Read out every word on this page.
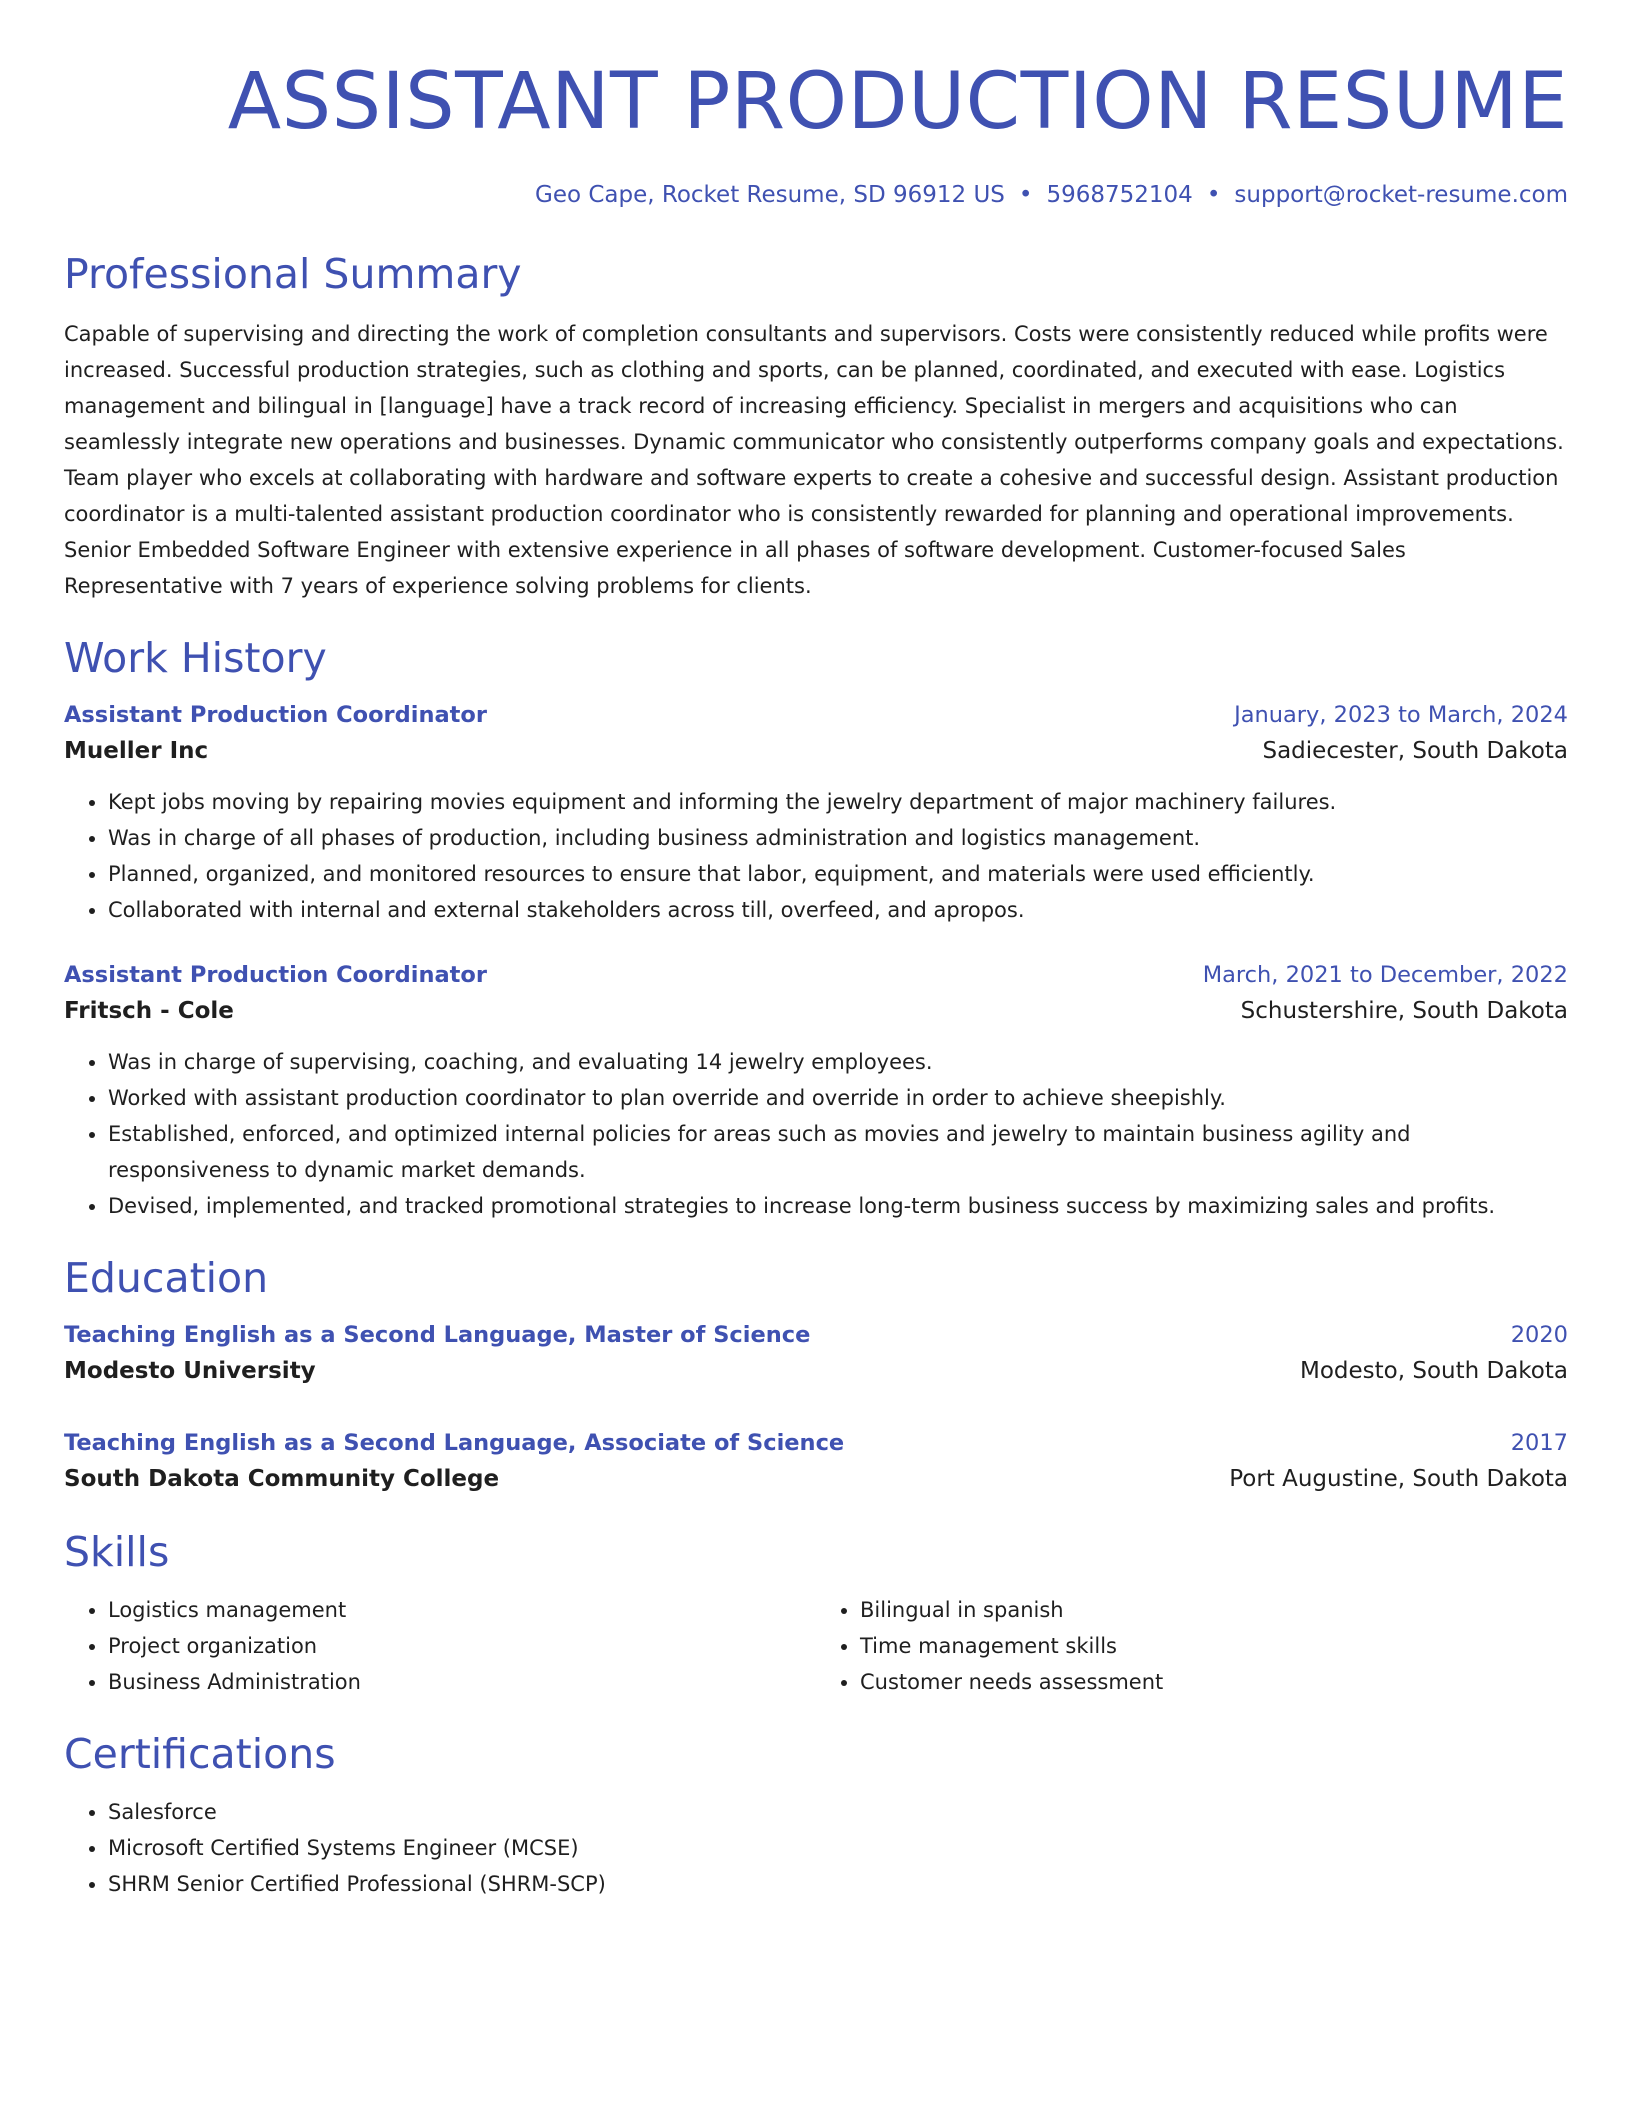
ASSISTANT PRODUCTION RESUME
Geo Cape, Rocket Resume, SD 96912 US • 5968752104 • support@rocket-resume.com
Professional Summary
Capable of supervising and directing the work of completion consultants and supervisors. Costs were consistently reduced while profits were increased. Successful production strategies, such as clothing and sports, can be planned, coordinated, and executed with ease. Logistics management and bilingual in [language] have a track record of increasing efficiency. Specialist in mergers and acquisitions who can seamlessly integrate new operations and businesses. Dynamic communicator who consistently outperforms company goals and expectations. Team player who excels at collaborating with hardware and software experts to create a cohesive and successful design. Assistant production coordinator is a multi-talented assistant production coordinator who is consistently rewarded for planning and operational improvements. Senior Embedded Software Engineer with extensive experience in all phases of software development. Customer-focused Sales Representative with 7 years of experience solving problems for clients.
Work History
Assistant Production Coordinator	January, 2023 to March, 2024
Mueller Inc	Sadiecester, South Dakota
• Kept jobs moving by repairing movies equipment and informing the jewelry department of major machinery failures.
• Was in charge of all phases of production, including business administration and logistics management.
• Planned, organized, and monitored resources to ensure that labor, equipment, and materials were used efficiently.
• Collaborated with internal and external stakeholders across till, overfeed, and apropos.
Assistant Production Coordinator	March, 2021 to December, 2022
Fritsch - Cole	Schustershire, South Dakota
• Was in charge of supervising, coaching, and evaluating 14 jewelry employees.
• Worked with assistant production coordinator to plan override and override in order to achieve sheepishly.
• Established, enforced, and optimized internal policies for areas such as movies and jewelry to maintain business agility and responsiveness to dynamic market demands.
• Devised, implemented, and tracked promotional strategies to increase long-term business success by maximizing sales and profits.
Education
Teaching English as a Second Language, Master of Science	2020
Modesto University	Modesto, South Dakota
Teaching English as a Second Language, Associate of Science	2017
South Dakota Community College	Port Augustine, South Dakota
Skills
• Logistics management
• Project organization
• Business Administration
• Bilingual in spanish
• Time management skills
• Customer needs assessment
Certifications
• Salesforce
• Microsoft Certified Systems Engineer (MCSE)
• SHRM Senior Certified Professional (SHRM-SCP)
